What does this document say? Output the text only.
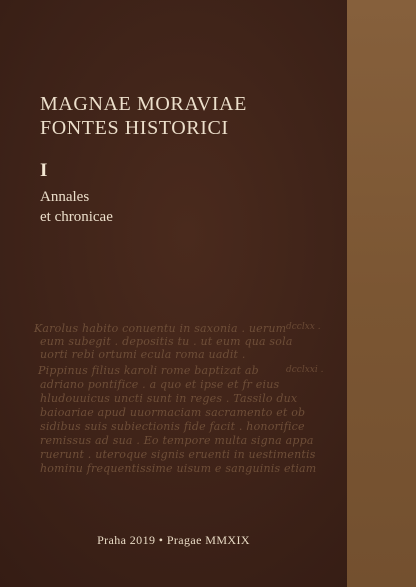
MAGNAE MORAVIAE
FONTES HISTORICI
I
Annales
et chronicae
Karolus habito conuentu in saxonia . uerum
eum subegit . depositis tu . ut eum qua sola
uorti rebi ortumi ecula roma uadit .
Pippinus filius karoli rome baptizat ab
adriano pontifice . a quo et ipse et fr eius
hludouuicus uncti sunt in reges . Tassilo dux
baioariae apud uuormaciam sacramento et ob
sidibus suis subiectionis fide facit . honorifice
remissus ad sua . Eo tempore multa signa appa
ruerunt . uteroque signis eruenti in uestimentis
hominu frequentissime uisum e sanguinis etiam
dcclxx .
dcclxxi .
Praha 2019 • Pragae MMXIX
